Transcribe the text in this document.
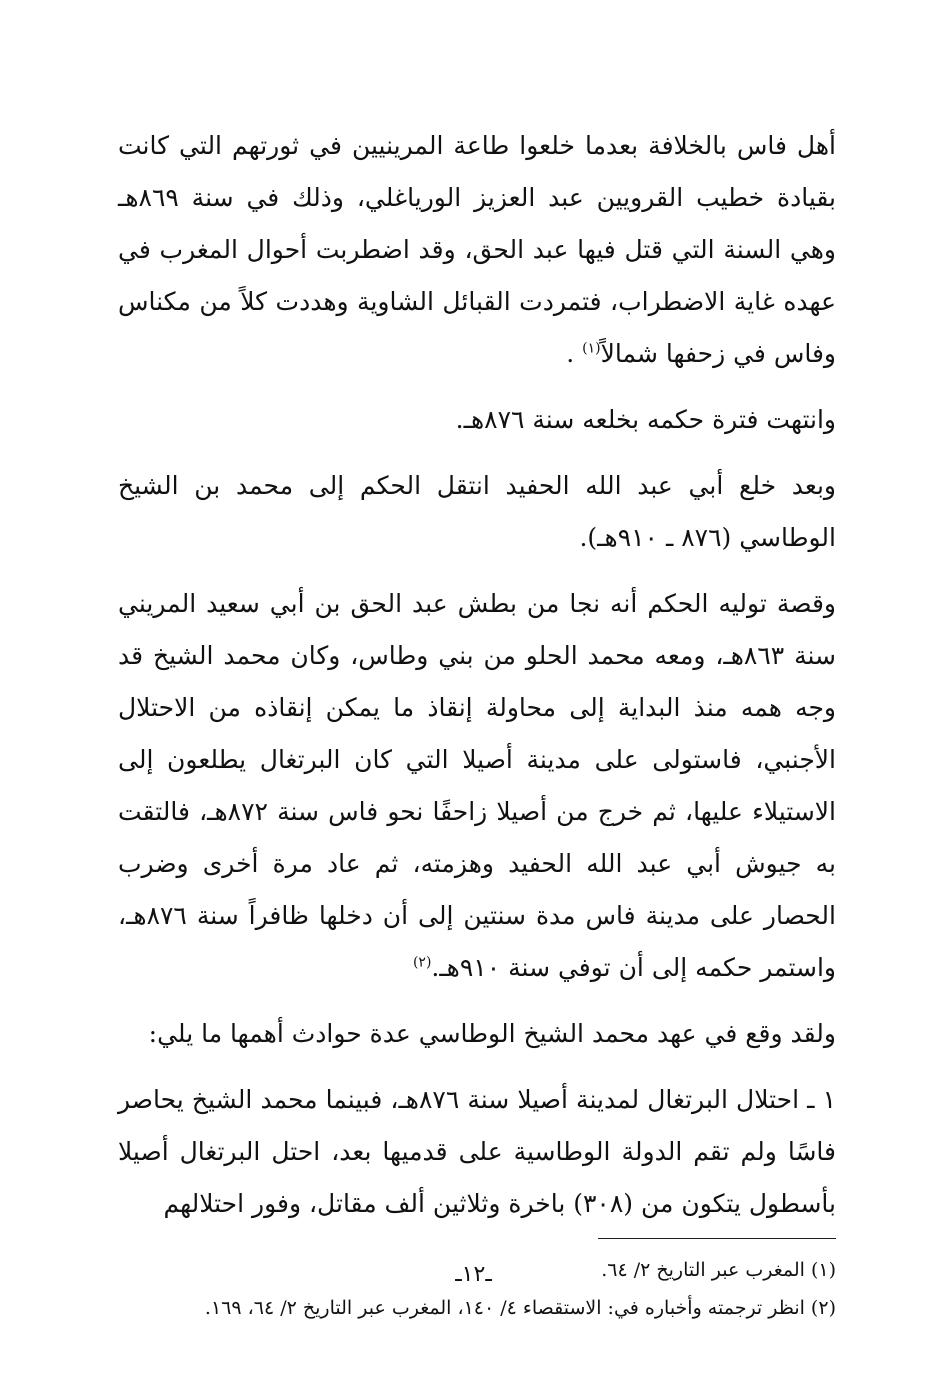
أهل فاس بالخلافة بعدما خلعوا طاعة المرينيين في ثورتهم التي كانت بقيادة خطيب القرويين عبد العزيز الورياغلي، وذلك في سنة ٨٦٩هـ وهي السنة التي قتل فيها عبد الحق، وقد اضطربت أحوال المغرب في عهده غاية الاضطراب، فتمردت القبائل الشاوية وهددت كلاً من مكناس وفاس في زحفها شمالاً$^{(١)}$ .

وانتهت فترة حكمه بخلعه سنة ٨٧٦هـ.

وبعد خلع أبي عبد الله الحفيد انتقل الحكم إلى محمد بن الشيخ الوطاسي (٨٧٦ ـ ٩١٠هـ).

وقصة توليه الحكم أنه نجا من بطش عبد الحق بن أبي سعيد المريني سنة ٨٦٣هـ، ومعه محمد الحلو من بني وطاس، وكان محمد الشيخ قد وجه همه منذ البداية إلى محاولة إنقاذ ما يمكن إنقاذه من الاحتلال الأجنبي، فاستولى على مدينة أصيلا التي كان البرتغال يطلعون إلى الاستيلاء عليها، ثم خرج من أصيلا زاحفًا نحو فاس سنة ٨٧٢هـ، فالتقت به جيوش أبي عبد الله الحفيد وهزمته، ثم عاد مرة أخرى وضرب الحصار على مدينة فاس مدة سنتين إلى أن دخلها ظافراً سنة ٨٧٦هـ، واستمر حكمه إلى أن توفي سنة ٩١٠هـ.$^{(٢)}$

ولقد وقع في عهد محمد الشيخ الوطاسي عدة حوادث أهمها ما يلي:

١ ـ احتلال البرتغال لمدينة أصيلا سنة ٨٧٦هـ، فبينما محمد الشيخ يحاصر فاسًا ولم تقم الدولة الوطاسية على قدميها بعد، احتل البرتغال أصيلا بأسطول يتكون من (٣٠٨) باخرة وثلاثين ألف مقاتل، وفور احتلالهم

(١) المغرب عبر التاريخ ٢/ ٦٤.

(٢) انظر ترجمته وأخباره في: الاستقصاء ٤/ ١٤٠، المغرب عبر التاريخ ٢/ ٦٤، ١٦٩.

ـ١٢ـ
